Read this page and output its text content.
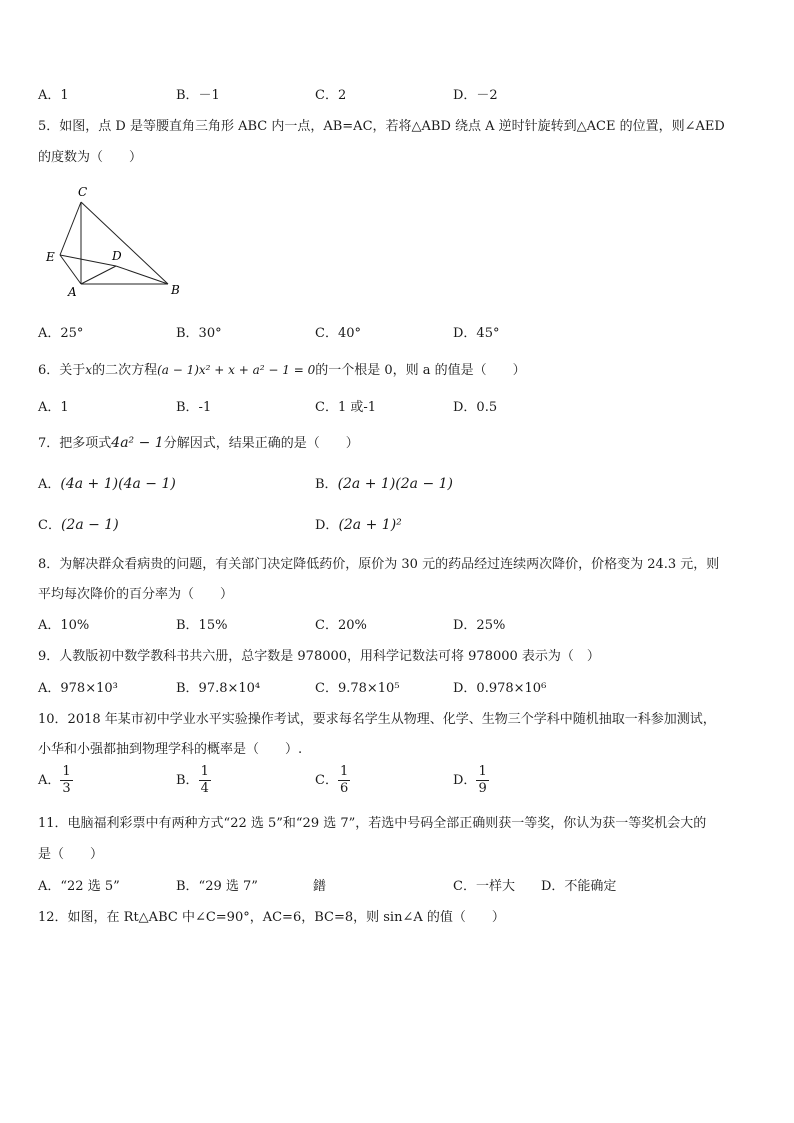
A．1	B．－1	C．2	D．－2
5．如图，点 D 是等腰直角三角形 ABC 内一点，AB=AC，若将△ABD 绕点 A 逆时针旋转到△ACE 的位置，则∠AED
的度数为（　　）
C
E	D
A	B
A．25°	B．30°	C．40°	D．45°
6．关于x的二次方程(a − 1)x² + x + a² − 1 = 0的一个根是 0，则 a 的值是（　　）
A．1	B．-1	C．1 或-1	D．0.5
7．把多项式4a² − 1分解因式，结果正确的是（　　）
A．(4a + 1)(4a − 1)	B．(2a + 1)(2a − 1)
C．(2a − 1)	D．(2a + 1)²
8．为解决群众看病贵的问题，有关部门决定降低药价，原价为 30 元的药品经过连续两次降价，价格变为 24.3 元，则
平均每次降价的百分率为（　　）
A．10%	B．15%	C．20%	D．25%
9．人教版初中数学教科书共六册，总字数是 978000，用科学记数法可将 978000 表示为（　）
A．978×10³	B．97.8×10⁴	C．9.78×10⁵	D．0.978×10⁶
10．2018 年某市初中学业水平实验操作考试，要求每名学生从物理、化学、生物三个学科中随机抽取一科参加测试，
小华和小强都抽到物理学科的概率是（　　）.
A． $\frac{1}{3}$	B． $\frac{1}{4}$	C． $\frac{1}{6}$	D． $\frac{1}{9}$
11．电脑福利彩票中有两种方式“22 选 5”和“29 选 7”，若选中号码全部正确则获一等奖，你认为获一等奖机会大的
是（　　）
A．“22 选 5”	B．“29 选 7”	鐠	C．一样大 D．不能确定
12．如图，在 Rt△ABC 中∠C=90°，AC=6，BC=8，则 sin∠A 的值（　　）
